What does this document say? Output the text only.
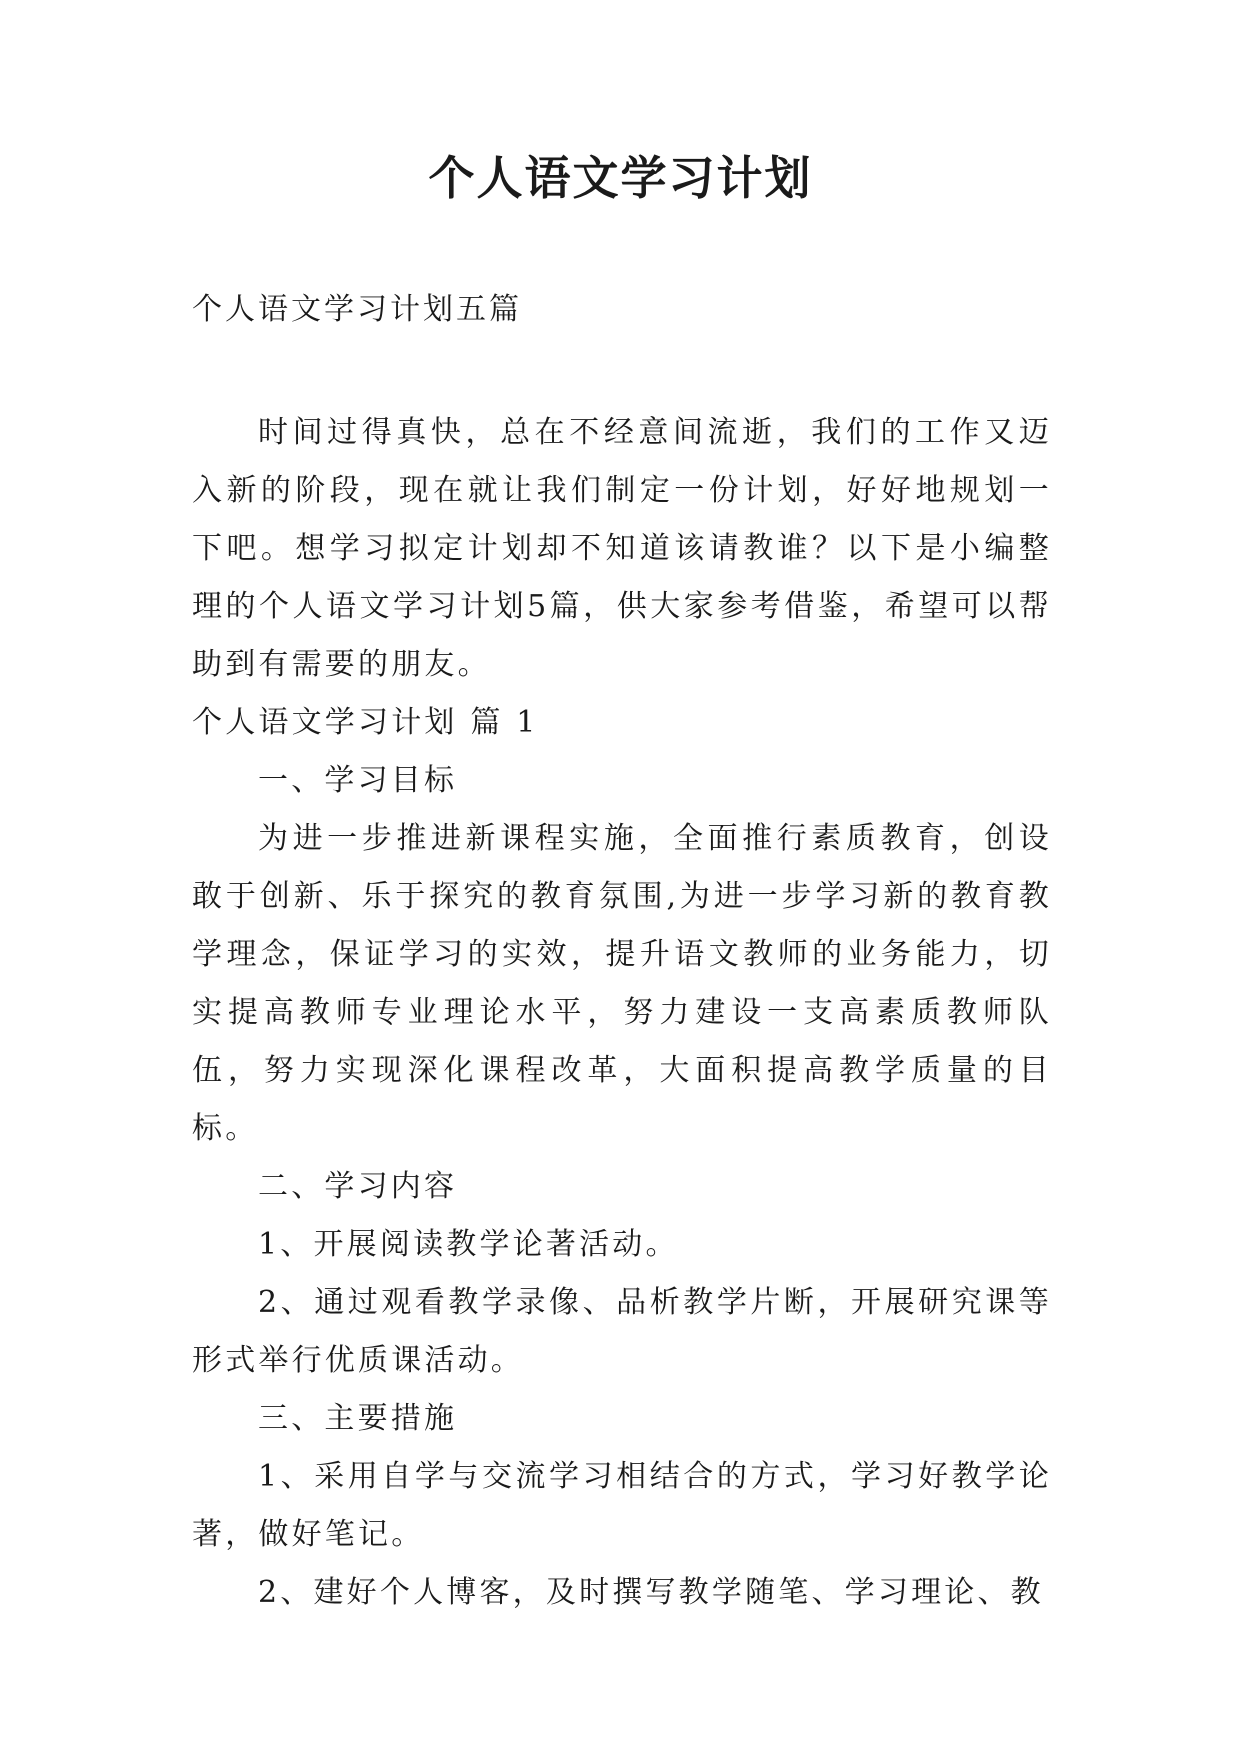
个人语文学习计划
个人语文学习计划五篇

时间过得真快，总在不经意间流逝，我们的工作又迈入新的阶段，现在就让我们制定一份计划，好好地规划一下吧。想学习拟定计划却不知道该请教谁？以下是小编整理的个人语文学习计划5篇，供大家参考借鉴，希望可以帮助到有需要的朋友。

个人语文学习计划 篇 1

一、学习目标

为进一步推进新课程实施，全面推行素质教育，创设敢于创新、乐于探究的教育氛围,为进一步学习新的教育教学理念，保证学习的实效，提升语文教师的业务能力，切实提高教师专业理论水平，努力建设一支高素质教师队伍，努力实现深化课程改革，大面积提高教学质量的目标。

二、学习内容

1、开展阅读教学论著活动。

2、通过观看教学录像、品析教学片断，开展研究课等形式举行优质课活动。

三、主要措施

1、采用自学与交流学习相结合的方式，学习好教学论著，做好笔记。

2、建好个人博客，及时撰写教学随笔、学习理论、教
